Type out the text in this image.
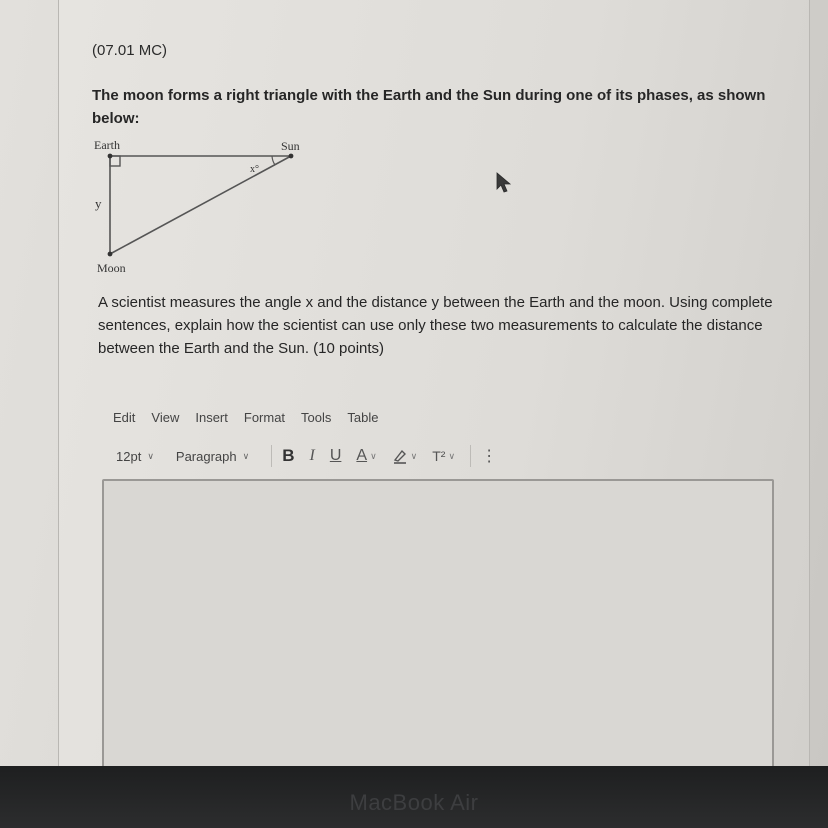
(07.01 MC)
The moon forms a right triangle with the Earth and the Sun during one of its phases, as shown below:
Earth	Sun
Moon
y
x°
A scientist measures the angle x and the distance y between the Earth and the moon. Using complete sentences, explain how the scientist can use only these two measurements to calculate the distance between the Earth and the Sun. (10 points)
Edit View Insert Format Tools Table
12pt ∨ Paragraph ∨ B I U A ∨	∨ T² ∨ ⋮
MacBook Air
